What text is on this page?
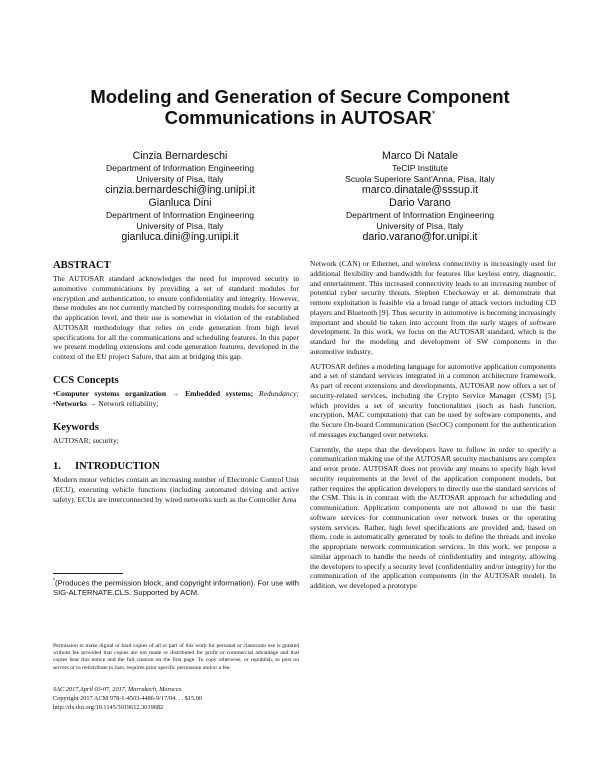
Modeling and Generation of Secure Component
Communications in AUTOSAR*
Cinzia Bernardeschi
Department of Information Engineering
University of Pisa, Italy
cinzia.bernardeschi@ing.unipi.it
Marco Di Natale
TeCIP Institute
Scuola Superiore Sant'Anna, Pisa, Italy
marco.dinatale@sssup.it
Gianluca Dini
Department of Information Engineering
University of Pisa, Italy
gianluca.dini@ing.unipi.it
Dario Varano
Department of Information Engineering
University of Pisa, Italy
dario.varano@for.unipi.it
ABSTRACT

The AUTOSAR standard acknowledges the need for improved security in automotive communications by providing a set of standard modules for encryption and authentication, to ensure confidentiality and integrity. However, these modules are not currently matched by corresponding models for security at the application level, and their use is somewhat in violation of the established AUTOSAR methodology that relies on code generation from high level specifications for all the communications and scheduling features. In this paper we present modeling extensions and code generation features, developed in the context of the EU project Safure, that aim at bridging this gap.

CCS Concepts
•Computer systems organization → Embedded systems; Redundancy; •Networks → Network reliability;
Keywords

AUTOSAR; security;

1. INTRODUCTION

Modern motor vehicles contain an increasing number of Electronic Control Unit (ECU), executing vehicle functions (including automated driving and active safety). ECUs are interconnected by wired networks such as the Controller Area

*(Produces the permission block, and copyright information). For use with SIG-ALTERNATE.CLS. Supported by ACM.
Permission to make digital or hard copies of all or part of this work for personal or classroom use is granted without fee provided that copies are not made or distributed for profit or commercial advantage and that copies bear this notice and the full citation on the first page. To copy otherwise, or republish, to post on servers or to redistribute to lists, requires prior specific permission and/or a fee.
SAC 2017,April 03-07, 2017, Marrakech, Morocco
Copyright 2017 ACM 978-1-4503-4486-9/17/04. . . $15.00
http://dx.doi.org/10.1145/3019612.3019682

Network (CAN) or Ethernet, and wireless connectivity is increasingly used for additional flexibility and bandwidth for features like keyless entry, diagnostic, and entertainment. This increased connectivity leads to an increasing number of potential cyber security threats. Stephen Checkoway et al. demonstrate that remote exploitation is feasible via a broad range of attack vectors including CD players and Bluetooth [9]. Thus security in automotive is becoming increasingly important and should be taken into account from the early stages of software development. In this work, we focus on the AUTOSAR standard, which is the standard for the modeling and development of SW components in the automotive industry.

AUTOSAR defines a modeling language for automotive application components and a set of standard services integrated in a common architecture framework. As part of recent extensions and developments, AUTOSAR now offers a set of security-related services, including the Crypto Service Manager (CSM) [5], which provides a set of security functionalities (such as hash function, encryption, MAC computation) that can be used by software components, and the Secure On-board Communication (SecOC) component for the authentication of messages exchanged over networks.

Currently, the steps that the developers have to follow in order to specify a communication making use of the AUTOSAR security mechanisms are complex and error prone. AUTOSAR does not provide any means to specify high level security requirements at the level of the application component models, but rather requires the application developers to directly use the standard services of the CSM. This is in contrast with the AUTOSAR approach for scheduling and communication. Application components are not allowed to use the basic software services for communication over network buses or the operating system services. Rather, high level specifications are provided and, based on them, code is automatically generated by tools to define the threads and invoke the appropriate network communication services. In this work, we propose a similar approach to handle the needs of confidentiality and integrity, allowing the developers to specify a security level (confidentiality and/or integrity) for the communication of the application components (in the AUTOSAR model). In addition, we developed a prototype
